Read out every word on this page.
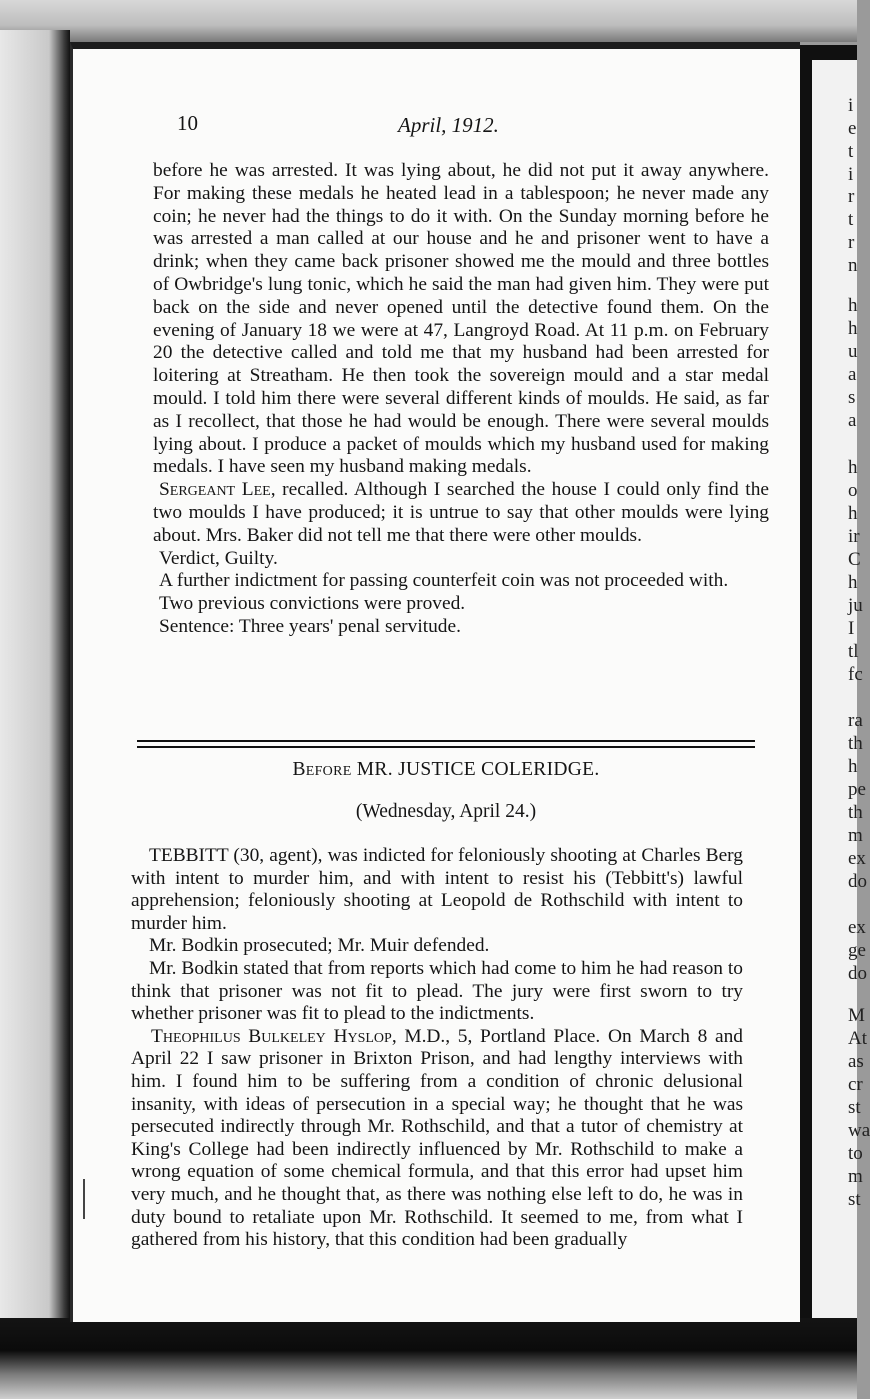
i
e
t
i
r
t
r
n
h
h
u
a
s
a
h
o
h
ir
C
h
ju
I
tl
fc
ra
th
h
pe
th
m
ex
do
ex
ge
do
M
At
as
cr
st
wa
to
m
st
10	April, 1912.

before he was arrested. It was lying about, he did not put it away anywhere. For making these medals he heated lead in a tablespoon; he never made any coin; he never had the things to do it with. On the Sunday morning before he was arrested a man called at our house and he and prisoner went to have a drink; when they came back prisoner showed me the mould and three bottles of Owbridge's lung tonic, which he said the man had given him. They were put back on the side and never opened until the detective found them. On the evening of January 18 we were at 47, Langroyd Road. At 11 p.m. on February 20 the detective called and told me that my husband had been arrested for loitering at Streatham. He then took the sovereign mould and a star medal mould. I told him there were several different kinds of moulds. He said, as far as I recollect, that those he had would be enough. There were several moulds lying about. I produce a packet of moulds which my husband used for making medals. I have seen my husband making medals.

Sergeant Lee, recalled. Although I searched the house I could only find the two moulds I have produced; it is untrue to say that other moulds were lying about. Mrs. Baker did not tell me that there were other moulds.

Verdict, Guilty.

A further indictment for passing counterfeit coin was not proceeded with.

Two previous convictions were proved.

Sentence: Three years' penal servitude.

Before MR. JUSTICE COLERIDGE.
(Wednesday, April 24.)

TEBBITT (30, agent), was indicted for feloniously shooting at Charles Berg with intent to murder him, and with intent to resist his (Tebbitt's) lawful apprehension; feloniously shooting at Leopold de Rothschild with intent to murder him.

Mr. Bodkin prosecuted; Mr. Muir defended.

Mr. Bodkin stated that from reports which had come to him he had reason to think that prisoner was not fit to plead. The jury were first sworn to try whether prisoner was fit to plead to the indictments.

Theophilus Bulkeley Hyslop, M.D., 5, Portland Place. On March 8 and April 22 I saw prisoner in Brixton Prison, and had lengthy interviews with him. I found him to be suffering from a condition of chronic delusional insanity, with ideas of persecution in a special way; he thought that he was persecuted indirectly through Mr. Rothschild, and that a tutor of chemistry at King's College had been indirectly influenced by Mr. Rothschild to make a wrong equation of some chemical formula, and that this error had upset him very much, and he thought that, as there was nothing else left to do, he was in duty bound to retaliate upon Mr. Rothschild. It seemed to me, from what I gathered from his history, that this condition had been gradually
